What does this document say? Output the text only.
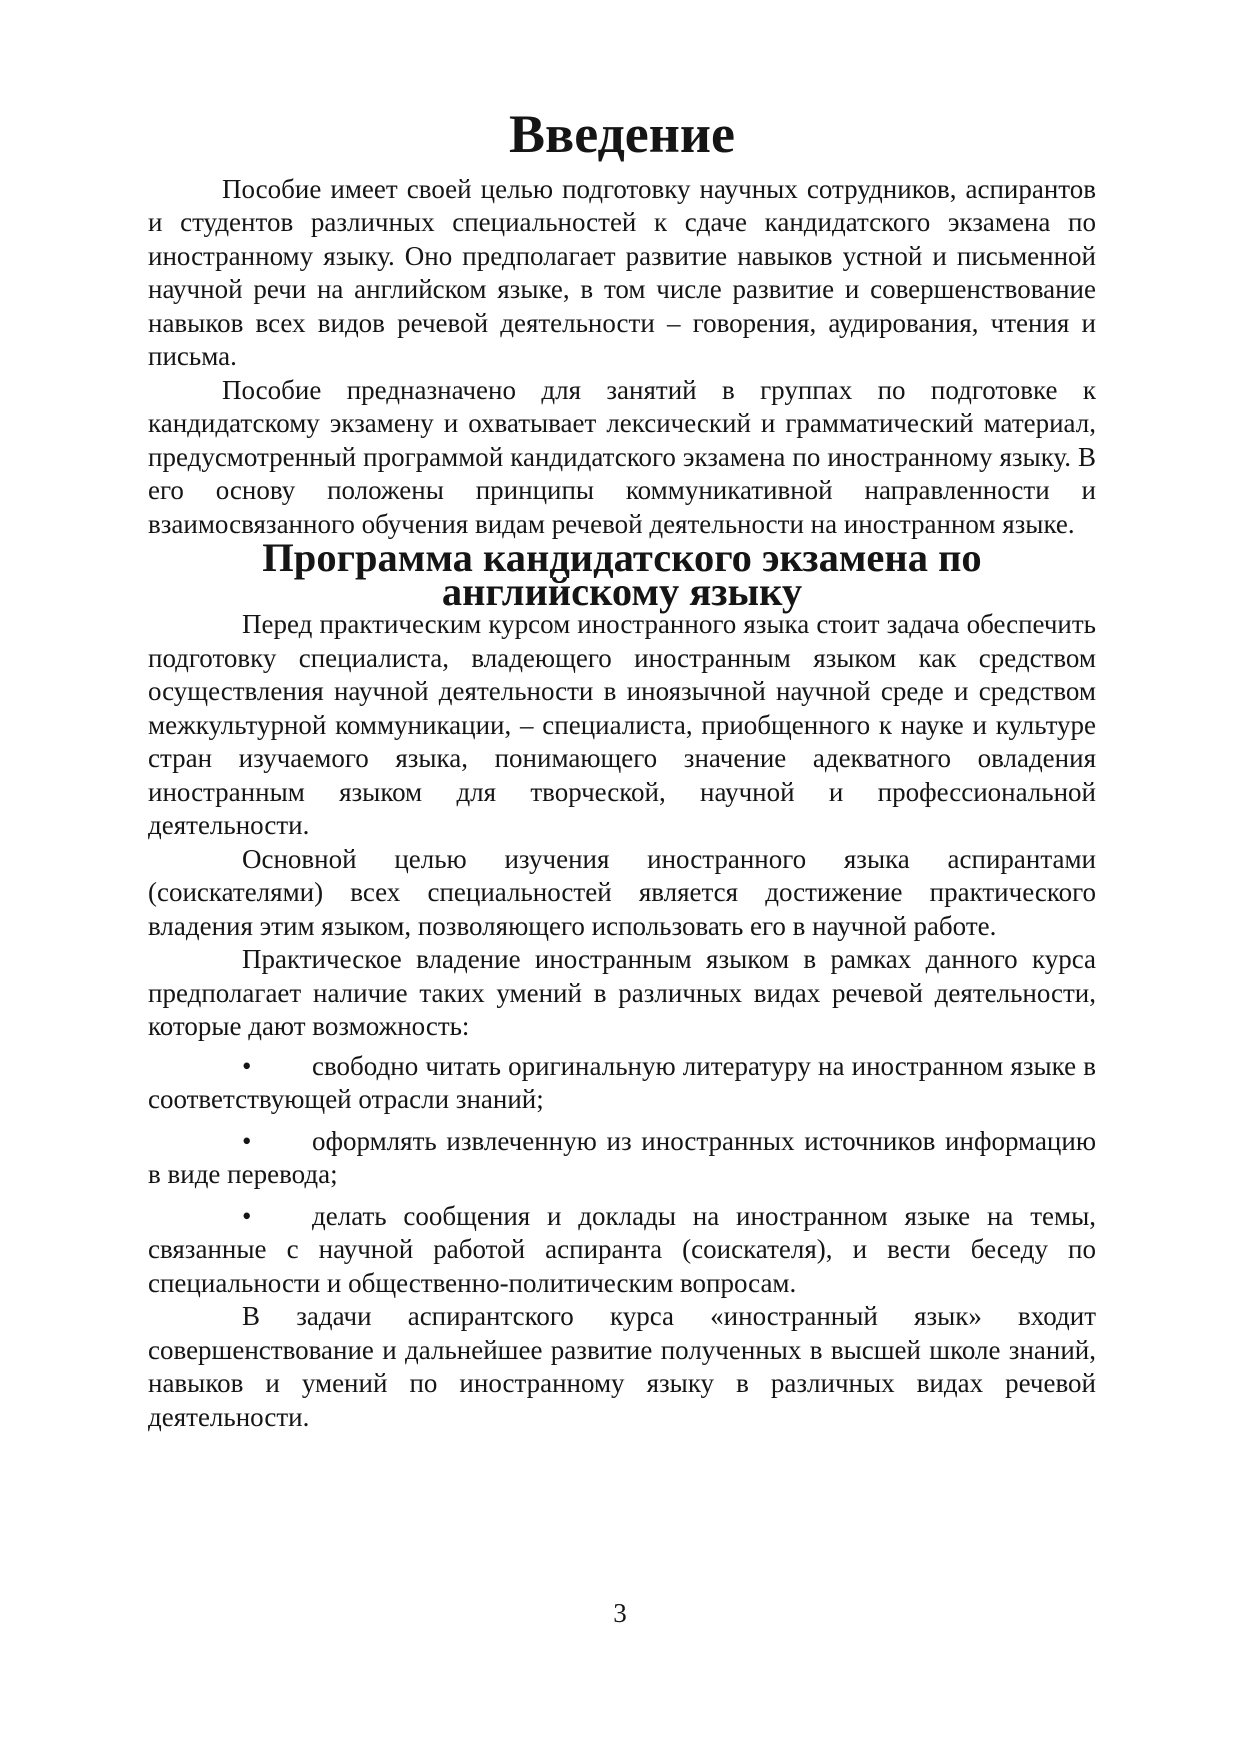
Введение

Пособие имеет своей целью подготовку научных сотрудников, аспирантов и студентов различных специальностей к сдаче кандидатского экзамена по иностранному языку. Оно предполагает развитие навыков устной и письменной научной речи на английском языке, в том числе развитие и совершенствование навыков всех видов речевой деятельности – говорения, аудирования, чтения и письма.

Пособие предназначено для занятий в группах по подготовке к кандидатскому экзамену и охватывает лексический и грамматический материал, предусмотренный программой кандидатского экзамена по иностранному языку. В его основу положены принципы коммуникативной направленности и взаимосвязанного обучения видам речевой деятельности на иностранном языке.

Программа кандидатского экзамена по английскому языку

Перед практическим курсом иностранного языка стоит задача обеспечить подготовку специалиста, владеющего иностранным языком как средством осуществления научной деятельности в иноязычной научной среде и средством межкультурной коммуникации, – специалиста, приобщенного к науке и культуре стран изучаемого языка, понимающего значение адекватного овладения иностранным языком для творческой, научной и профессиональной деятельности.

Основной целью изучения иностранного языка аспирантами (соискателями) всех специальностей является достижение практического владения этим языком, позволяющего использовать его в научной работе.

Практическое владение иностранным языком в рамках данного курса предполагает наличие таких умений в различных видах речевой деятельности, которые дают возможность:

• свободно читать оригинальную литературу на иностранном языке в соответствующей отрасли знаний;
• оформлять извлеченную из иностранных источников информацию в виде перевода;
• делать сообщения и доклады на иностранном языке на темы, связанные с научной работой аспиранта (соискателя), и вести беседу по специальности и общественно-политическим вопросам.

В задачи аспирантского курса «иностранный язык» входит совершенствование и дальнейшее развитие полученных в высшей школе знаний, навыков и умений по иностранному языку в различных видах речевой деятельности.

3
